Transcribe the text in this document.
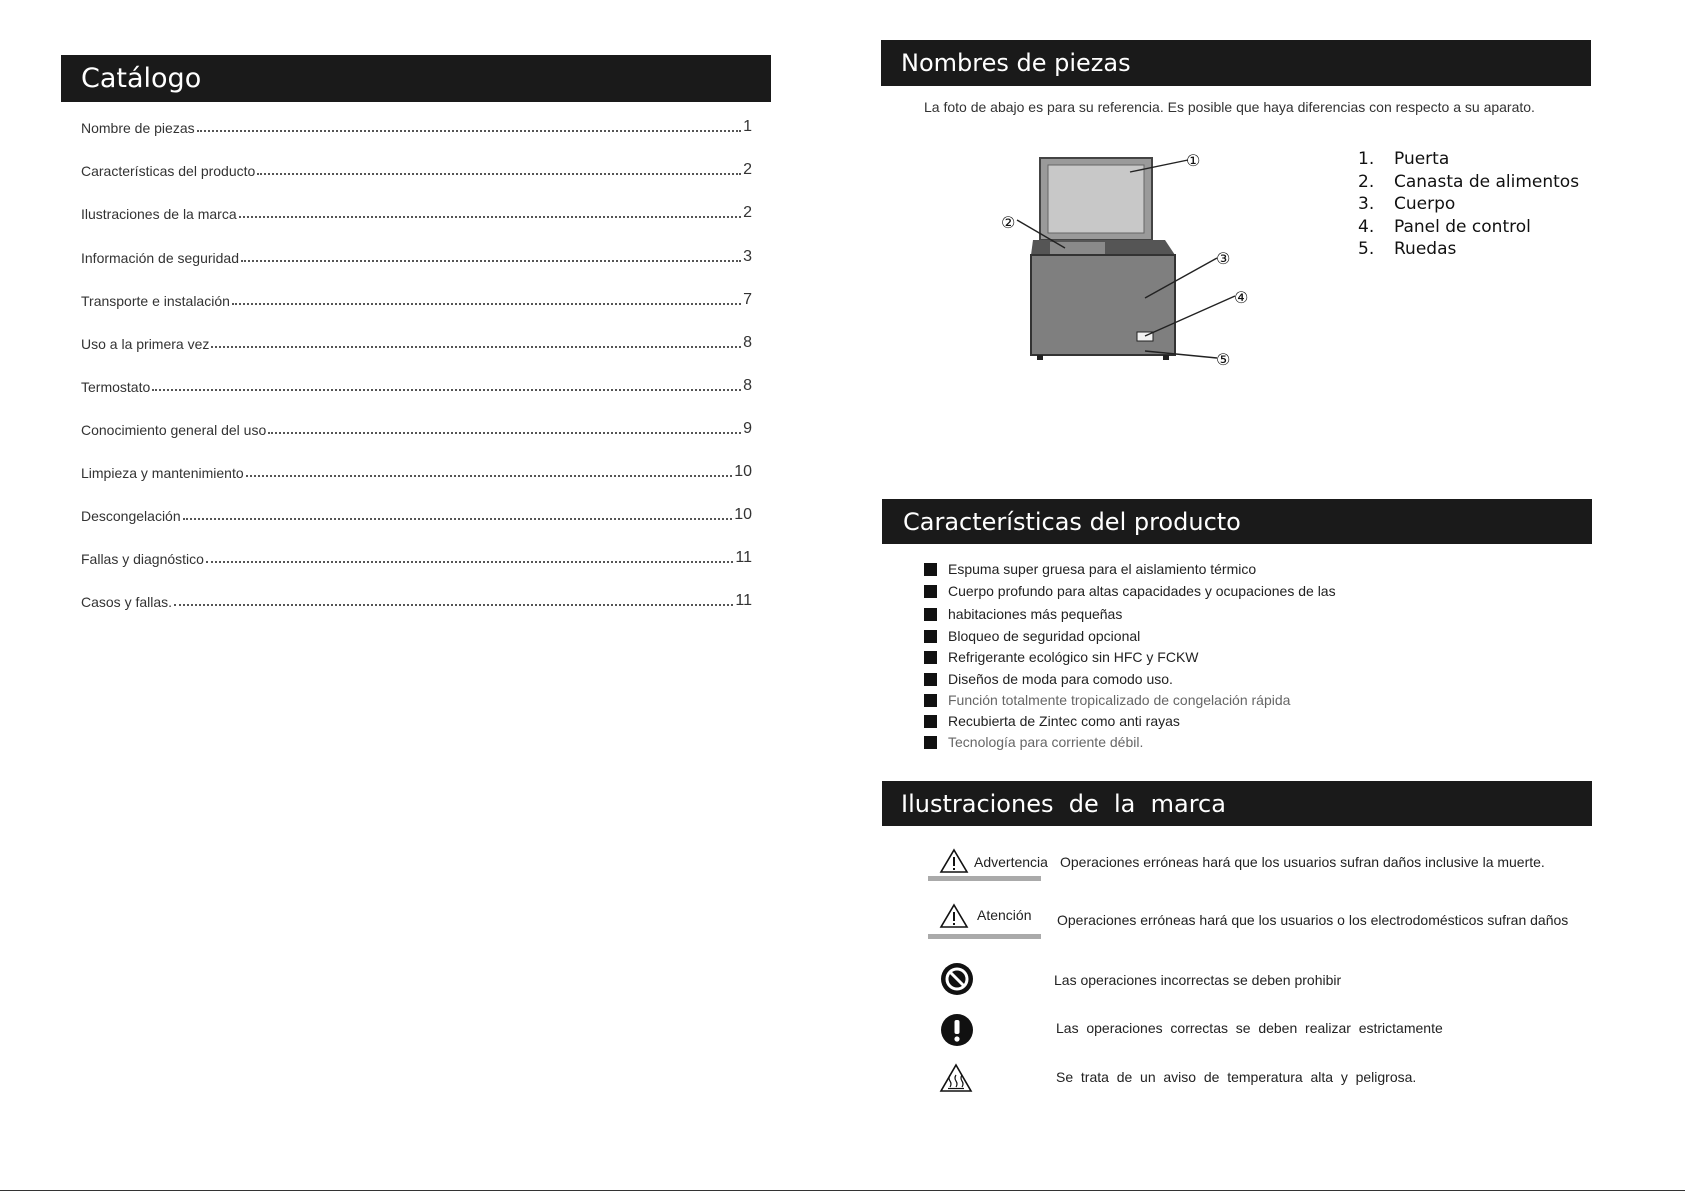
Catálogo
Nombre de piezas	1
Características del producto	2
Ilustraciones de la marca	2
Información de seguridad	3
Transporte e instalación	7
Uso a la primera vez	8
Termostato	8
Conocimiento general del uso	9
Limpieza y mantenimiento	10
Descongelación	10
Fallas y diagnóstico	11
Casos y fallas.	11
Nombres de piezas
La foto de abajo es para su referencia. Es posible que haya diferencias con respecto a su aparato.
①
②
③
④
⑤
1.	Puerta
2.	Canasta de alimentos
3.	Cuerpo
4.	Panel de control
5.	Ruedas
Características del producto
Espuma super gruesa para el aislamiento térmico
Cuerpo profundo para altas capacidades y ocupaciones de las
habitaciones más pequeñas
Bloqueo de seguridad opcional
Refrigerante ecológico sin HFC y FCKW
Diseños de moda para comodo uso.
Función totalmente tropicalizado de congelación rápida
Recubierta de Zintec como anti rayas
Tecnología para corriente débil.
Ilustraciones  de  la  marca
Advertencia Operaciones erróneas hará que los usuarios sufran daños inclusive la muerte.
Atención Operaciones erróneas hará que los usuarios o los electrodomésticos sufran daños
Las operaciones incorrectas se deben prohibir
Las  operaciones  correctas  se  deben  realizar  estrictamente
Se  trata  de  un  aviso  de  temperatura  alta  y  peligrosa.
